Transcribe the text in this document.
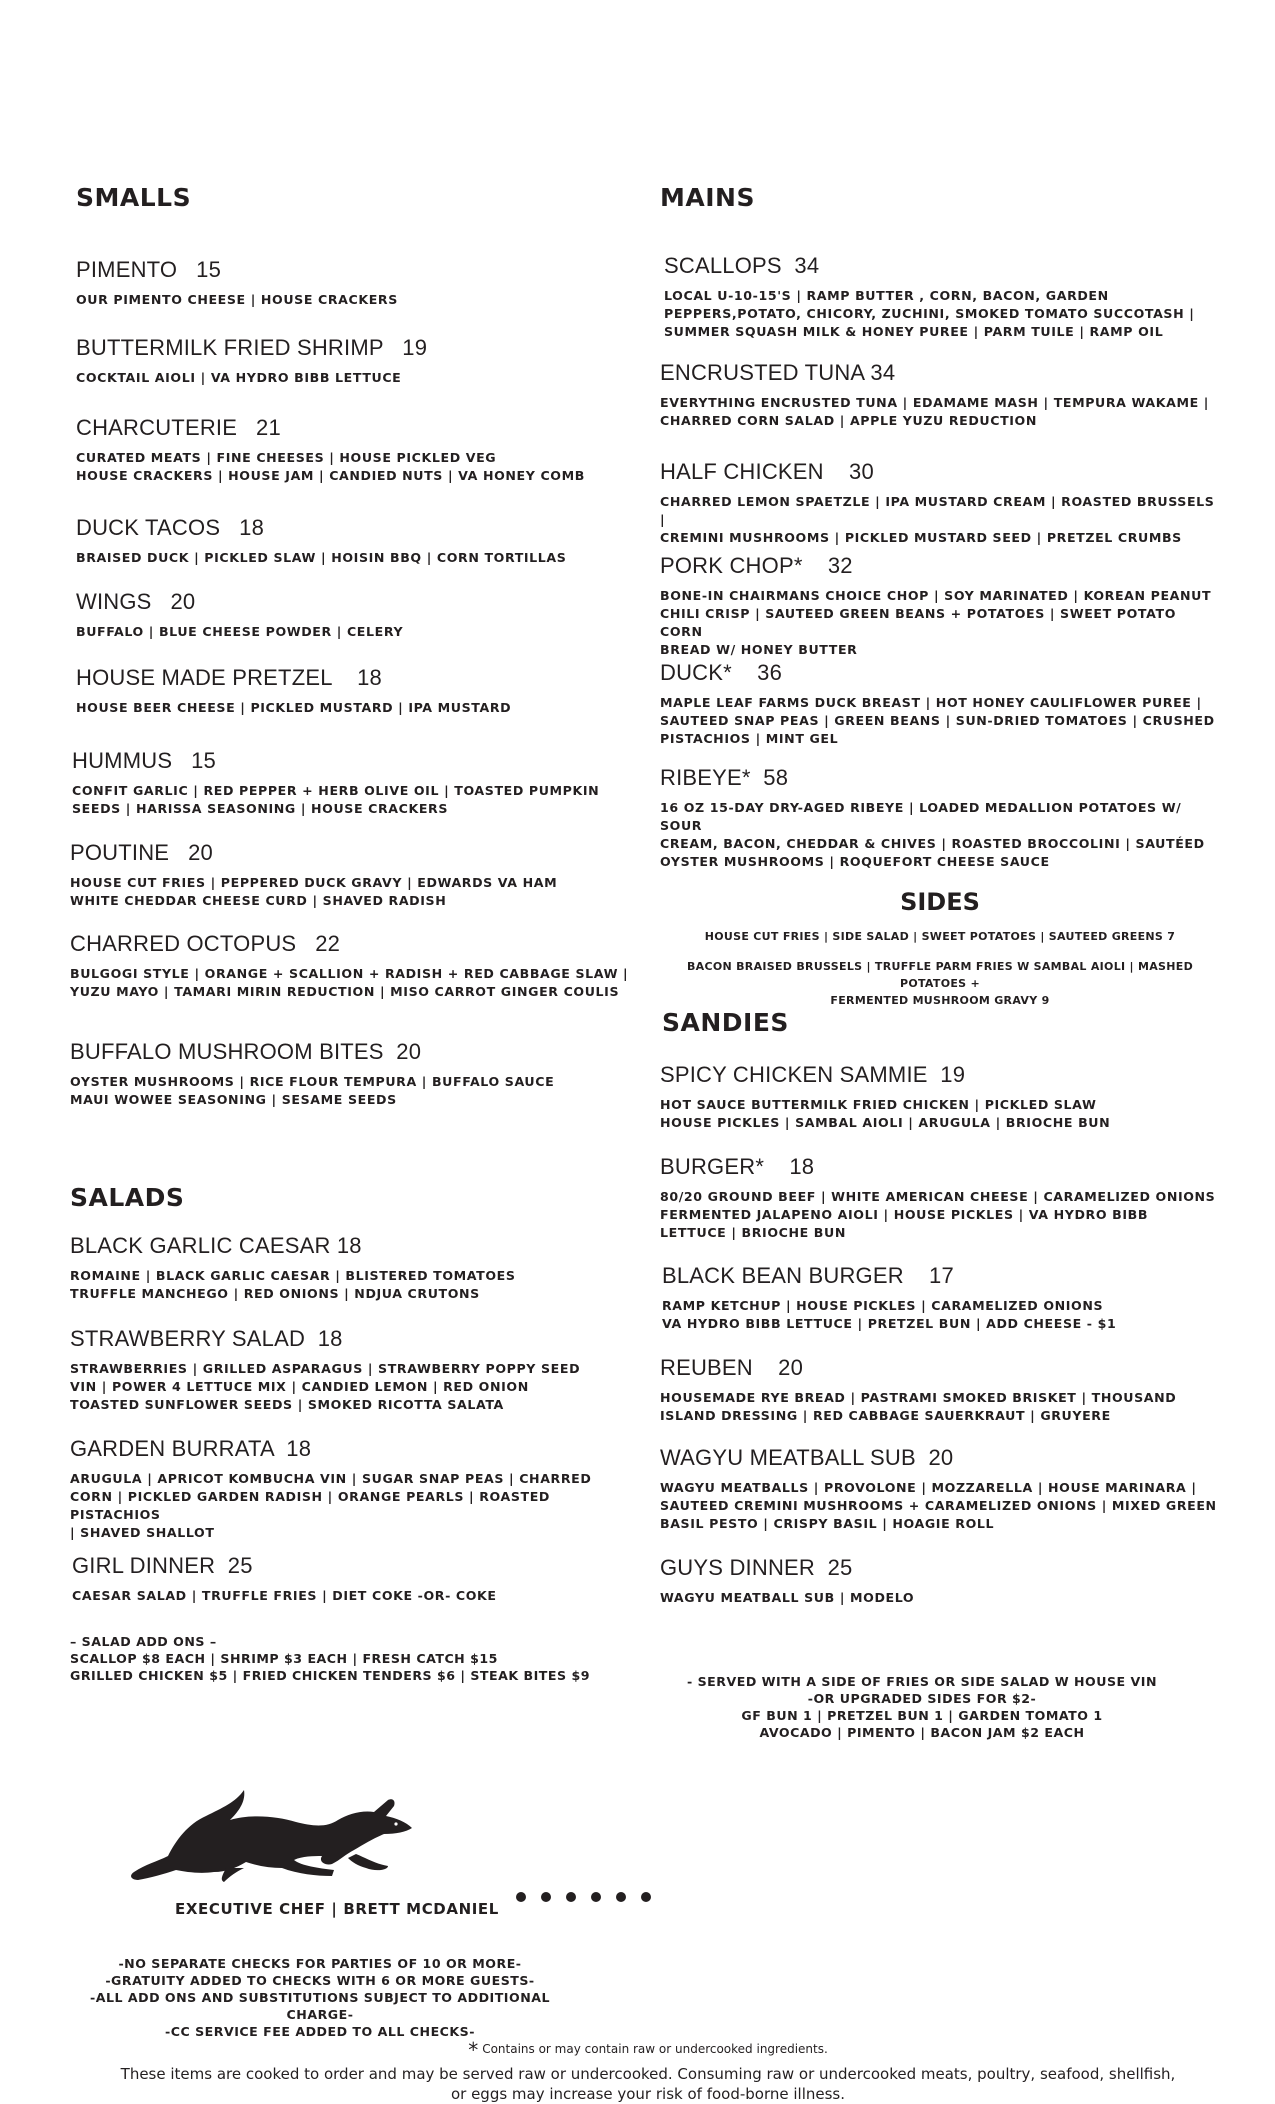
SMALLS
PIMENTO   15
OUR PIMENTO CHEESE | HOUSE CRACKERS
BUTTERMILK FRIED SHRIMP   19
COCKTAIL AIOLI | VA HYDRO BIBB LETTUCE
CHARCUTERIE   21
CURATED MEATS | FINE CHEESES | HOUSE PICKLED VEG
HOUSE CRACKERS | HOUSE JAM | CANDIED NUTS | VA HONEY COMB
DUCK TACOS   18
BRAISED DUCK | PICKLED SLAW | HOISIN BBQ | CORN TORTILLAS
WINGS   20
BUFFALO | BLUE CHEESE POWDER | CELERY
HOUSE MADE PRETZEL    18
HOUSE BEER CHEESE | PICKLED MUSTARD | IPA MUSTARD
HUMMUS   15
CONFIT GARLIC | RED PEPPER + HERB OLIVE OIL | TOASTED PUMPKIN
SEEDS | HARISSA SEASONING | HOUSE CRACKERS
POUTINE   20
HOUSE CUT FRIES | PEPPERED DUCK GRAVY | EDWARDS VA HAM
WHITE CHEDDAR CHEESE CURD | SHAVED RADISH
CHARRED OCTOPUS   22
BULGOGI STYLE | ORANGE + SCALLION + RADISH + RED CABBAGE SLAW |
YUZU MAYO | TAMARI MIRIN REDUCTION | MISO CARROT GINGER COULIS
BUFFALO MUSHROOM BITES  20
OYSTER MUSHROOMS | RICE FLOUR TEMPURA | BUFFALO SAUCE
MAUI WOWEE SEASONING | SESAME SEEDS
SALADS
BLACK GARLIC CAESAR 18
ROMAINE | BLACK GARLIC CAESAR | BLISTERED TOMATOES
TRUFFLE MANCHEGO | RED ONIONS | NDJUA CRUTONS
STRAWBERRY SALAD  18
STRAWBERRIES | GRILLED ASPARAGUS | STRAWBERRY POPPY SEED
VIN | POWER 4 LETTUCE MIX | CANDIED LEMON | RED ONION
TOASTED SUNFLOWER SEEDS | SMOKED RICOTTA SALATA
GARDEN BURRATA  18
ARUGULA | APRICOT KOMBUCHA VIN | SUGAR SNAP PEAS | CHARRED
CORN | PICKLED GARDEN RADISH | ORANGE PEARLS | ROASTED PISTACHIOS
| SHAVED SHALLOT
GIRL DINNER  25
CAESAR SALAD | TRUFFLE FRIES | DIET COKE -OR- COKE
– SALAD ADD ONS –
SCALLOP $8 EACH | SHRIMP $3 EACH | FRESH CATCH $15
GRILLED CHICKEN $5 | FRIED CHICKEN TENDERS $6 | STEAK BITES $9
MAINS
SCALLOPS  34
LOCAL U-10-15'S | RAMP BUTTER , CORN, BACON, GARDEN
PEPPERS,POTATO, CHICORY, ZUCHINI, SMOKED TOMATO SUCCOTASH |
SUMMER SQUASH MILK & HONEY PUREE | PARM TUILE | RAMP OIL
ENCRUSTED TUNA 34
EVERYTHING ENCRUSTED TUNA | EDAMAME MASH | TEMPURA WAKAME |
CHARRED CORN SALAD | APPLE YUZU REDUCTION
HALF CHICKEN    30
CHARRED LEMON SPAETZLE | IPA MUSTARD CREAM | ROASTED BRUSSELS |
CREMINI MUSHROOMS | PICKLED MUSTARD SEED | PRETZEL CRUMBS
PORK CHOP*    32
BONE-IN CHAIRMANS CHOICE CHOP | SOY MARINATED | KOREAN PEANUT
CHILI CRISP | SAUTEED GREEN BEANS + POTATOES | SWEET POTATO CORN
BREAD W/ HONEY BUTTER
DUCK*    36
MAPLE LEAF FARMS DUCK BREAST | HOT HONEY CAULIFLOWER PUREE |
SAUTEED SNAP PEAS | GREEN BEANS | SUN-DRIED TOMATOES | CRUSHED
PISTACHIOS | MINT GEL
RIBEYE*  58
16 OZ 15-DAY DRY-AGED RIBEYE | LOADED MEDALLION POTATOES W/ SOUR
CREAM, BACON, CHEDDAR & CHIVES | ROASTED BROCCOLINI | SAUTÉED
OYSTER MUSHROOMS | ROQUEFORT CHEESE SAUCE
SIDES
HOUSE CUT FRIES | SIDE SALAD | SWEET POTATOES | SAUTEED GREENS 7
BACON BRAISED BRUSSELS | TRUFFLE PARM FRIES W SAMBAL AIOLI | MASHED POTATOES +
FERMENTED MUSHROOM GRAVY 9
SANDIES
SPICY CHICKEN SAMMIE  19
HOT SAUCE BUTTERMILK FRIED CHICKEN | PICKLED SLAW
HOUSE PICKLES | SAMBAL AIOLI | ARUGULA | BRIOCHE BUN
BURGER*    18
80/20 GROUND BEEF | WHITE AMERICAN CHEESE | CARAMELIZED ONIONS
FERMENTED JALAPENO AIOLI | HOUSE PICKLES | VA HYDRO BIBB
LETTUCE | BRIOCHE BUN
BLACK BEAN BURGER    17
RAMP KETCHUP | HOUSE PICKLES | CARAMELIZED ONIONS
VA HYDRO BIBB LETTUCE | PRETZEL BUN | ADD CHEESE - $1
REUBEN    20
HOUSEMADE RYE BREAD | PASTRAMI SMOKED BRISKET | THOUSAND
ISLAND DRESSING | RED CABBAGE SAUERKRAUT | GRUYERE
WAGYU MEATBALL SUB  20
WAGYU MEATBALLS | PROVOLONE | MOZZARELLA | HOUSE MARINARA |
SAUTEED CREMINI MUSHROOMS + CARAMELIZED ONIONS | MIXED GREEN
BASIL PESTO | CRISPY BASIL | HOAGIE ROLL
GUYS DINNER  25
WAGYU MEATBALL SUB | MODELO
- SERVED WITH A SIDE OF FRIES OR SIDE SALAD W HOUSE VIN
-OR UPGRADED SIDES FOR $2-
GF BUN 1 | PRETZEL BUN 1 | GARDEN TOMATO 1
AVOCADO | PIMENTO | BACON JAM $2 EACH
EXECUTIVE CHEF | BRETT MCDANIEL
-NO SEPARATE CHECKS FOR PARTIES OF 10 OR MORE-
-GRATUITY ADDED TO CHECKS WITH 6 OR MORE GUESTS-
-ALL ADD ONS AND SUBSTITUTIONS SUBJECT TO ADDITIONAL CHARGE-
-CC SERVICE FEE ADDED TO ALL CHECKS-
* Contains or may contain raw or undercooked ingredients.
These items are cooked to order and may be served raw or undercooked. Consuming raw or undercooked meats, poultry, seafood, shellfish, or eggs may increase your risk of food-borne illness.
